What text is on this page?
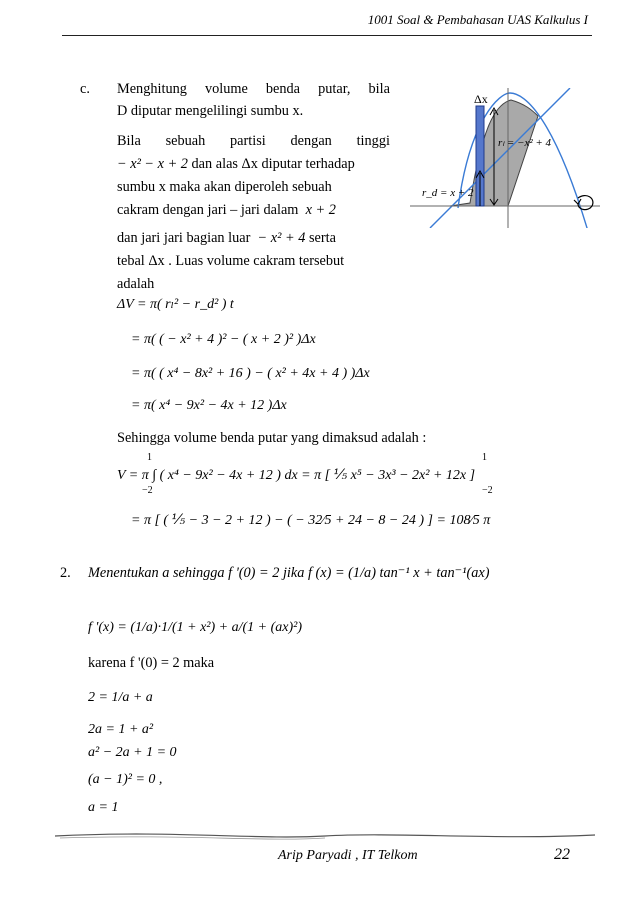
1001 Soal & Pembahasan UAS Kalkulus I
c. Menghitung volume benda putar, bila
D diputar mengelilingi sumbu x.
Bila sebuah partisi dengan tinggi
− x² − x + 2 dan alas Δx diputar terhadap
sumbu x maka akan diperoleh sebuah
cakram dengan jari – jari dalam x + 2
dan jari jari bagian luar − x² + 4 serta
tebal Δx . Luas volume cakram tersebut
adalah
Δx
rₗ = −x² + 4
r_d = x + 2
ΔV = π( rₗ² − r_d² ) t
= π( ( − x² + 4 )² − ( x + 2 )² )Δx
= π( ( x⁴ − 8x² + 16 ) − ( x² + 4x + 4 ) )Δx
= π( x⁴ − 9x² − 4x + 12 )Δx
Sehingga volume benda putar yang dimaksud adalah :
1
−2
1
−2
V = π ∫ ( x⁴ − 9x² − 4x + 12 ) dx = π [ ⅕ x⁵ − 3x³ − 2x² + 12x ]
= π [ ( ⅕ − 3 − 2 + 12 ) − ( − 32⁄5 + 24 − 8 − 24 ) ] = 108⁄5 π
2. Menentukan a sehingga f '(0) = 2 jika f (x) = (1/a) tan⁻¹ x + tan⁻¹(ax)
f '(x) = (1/a)·1/(1 + x²) + a/(1 + (ax)²)
karena f '(0) = 2 maka
2 = 1/a + a
2a = 1 + a²
a² − 2a + 1 = 0
(a − 1)² = 0 ,
a = 1
Arip Paryadi , IT Telkom	22
